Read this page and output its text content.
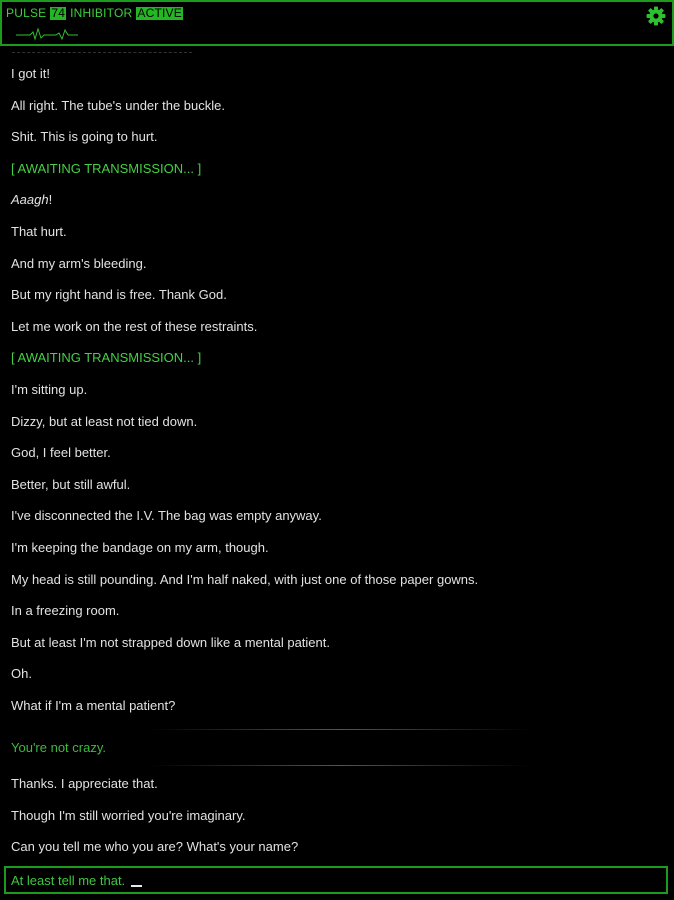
PULSE 74 INHIBITOR ACTIVE
I got it!
All right. The tube's under the buckle.
Shit. This is going to hurt.
[ AWAITING TRANSMISSION... ]
Aaagh!
That hurt.
And my arm's bleeding.
But my right hand is free. Thank God.
Let me work on the rest of these restraints.
[ AWAITING TRANSMISSION... ]
I'm sitting up.
Dizzy, but at least not tied down.
God, I feel better.
Better, but still awful.
I've disconnected the I.V. The bag was empty anyway.
I'm keeping the bandage on my arm, though.
My head is still pounding. And I'm half naked, with just one of those paper gowns.
In a freezing room.
But at least I'm not strapped down like a mental patient.
Oh.
What if I'm a mental patient?
You're not crazy.
Thanks. I appreciate that.
Though I'm still worried you're imaginary.
Can you tell me who you are? What's your name?
At least tell me that.
